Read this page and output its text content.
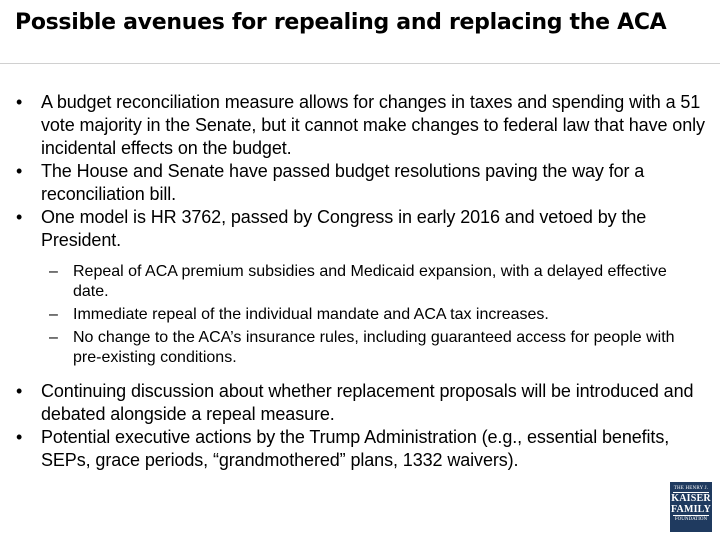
Possible avenues for repealing and replacing the ACA
• A budget reconciliation measure allows for changes in taxes and spending with a 51 vote majority in the Senate, but it cannot make changes to federal law that have only incidental effects on the budget.
• The House and Senate have passed budget resolutions paving the way for a reconciliation bill.
• One model is HR 3762, passed by Congress in early 2016 and vetoed by the President.
– Repeal of ACA premium subsidies and Medicaid expansion, with a delayed effective date.
– Immediate repeal of the individual mandate and ACA tax increases.
– No change to the ACA’s insurance rules, including guaranteed access for people with pre-existing conditions.
• Continuing discussion about whether replacement proposals will be introduced and debated alongside a repeal measure.
• Potential executive actions by the Trump Administration (e.g., essential benefits, SEPs, grace periods, “grandmothered” plans, 1332 waivers).
THE HENRY J.
KAISER
FAMILY
FOUNDATION
